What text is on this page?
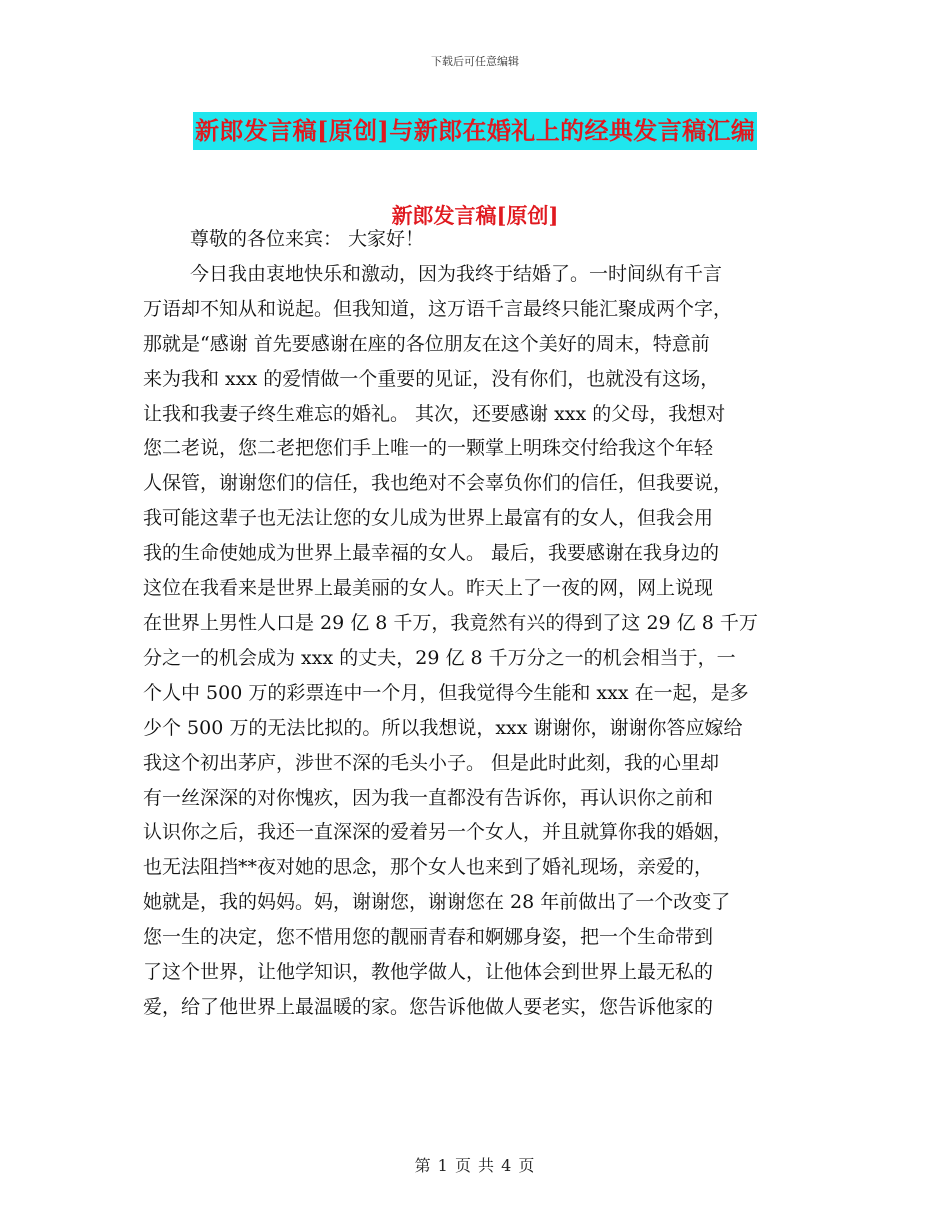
下载后可任意编辑
新郎发言稿[原创]与新郎在婚礼上的经典发言稿汇编
新郎发言稿[原创]
尊敬的各位来宾： 大家好！
今日我由衷地快乐和激动，因为我终于结婚了。一时间纵有千言
万语却不知从和说起。但我知道，这万语千言最终只能汇聚成两个字，
那就是“感谢 首先要感谢在座的各位朋友在这个美好的周末，特意前
来为我和 xxx 的爱情做一个重要的见证，没有你们，也就没有这场，
让我和我妻子终生难忘的婚礼。 其次，还要感谢 xxx 的父母，我想对
您二老说，您二老把您们手上唯一的一颗掌上明珠交付给我这个年轻
人保管，谢谢您们的信任，我也绝对不会辜负你们的信任，但我要说，
我可能这辈子也无法让您的女儿成为世界上最富有的女人，但我会用
我的生命使她成为世界上最幸福的女人。 最后，我要感谢在我身边的
这位在我看来是世界上最美丽的女人。昨天上了一夜的网，网上说现
在世界上男性人口是 29 亿 8 千万，我竟然有兴的得到了这 29 亿 8 千万
分之一的机会成为 xxx 的丈夫，29 亿 8 千万分之一的机会相当于，一
个人中 500 万的彩票连中一个月，但我觉得今生能和 xxx 在一起，是多
少个 500 万的无法比拟的。所以我想说，xxx 谢谢你，谢谢你答应嫁给
我这个初出茅庐，涉世不深的毛头小子。 但是此时此刻，我的心里却
有一丝深深的对你愧疚，因为我一直都没有告诉你，再认识你之前和
认识你之后，我还一直深深的爱着另一个女人，并且就算你我的婚姻，
也无法阻挡**夜对她的思念，那个女人也来到了婚礼现场，亲爱的，
她就是，我的妈妈。妈，谢谢您，谢谢您在 28 年前做出了一个改变了
您一生的决定，您不惜用您的靓丽青春和婀娜身姿，把一个生命带到
了这个世界，让他学知识，教他学做人，让他体会到世界上最无私的
爱，给了他世界上最温暖的家。您告诉他做人要老实，您告诉他家的
第 1 页 共 4 页
